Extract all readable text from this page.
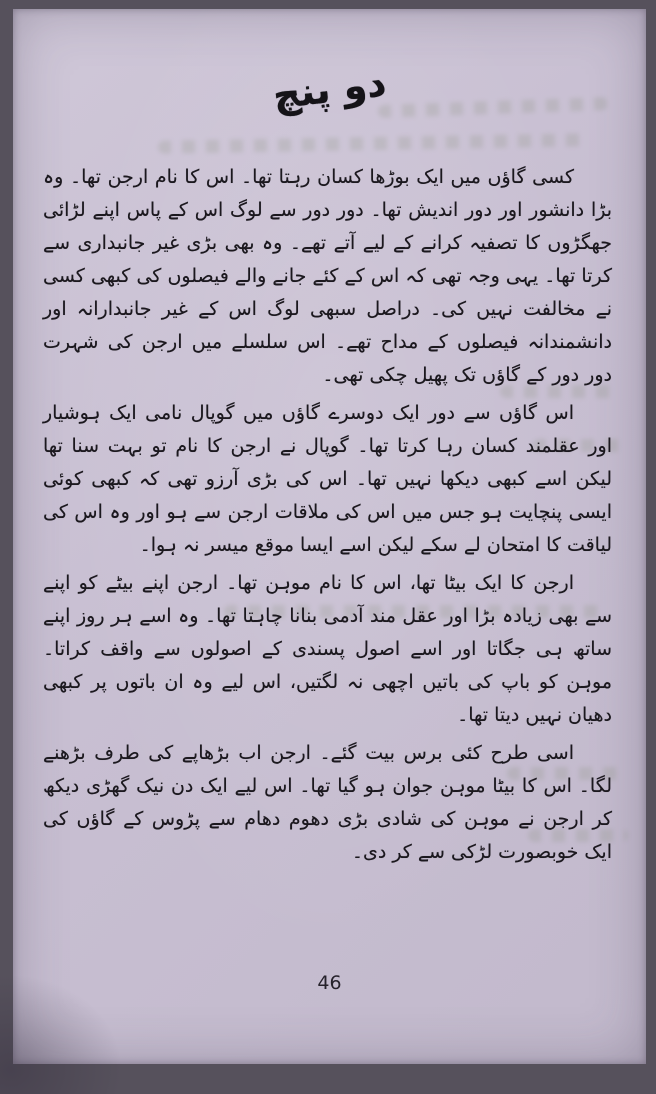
دو پنچ

کسی گاؤں میں ایک بوڑھا کسان رہتا تھا۔ اس کا نام ارجن تھا۔ وہ بڑا دانشور اور دور اندیش تھا۔ دور دور سے لوگ اس کے پاس اپنے لڑائی جھگڑوں کا تصفیہ کرانے کے لیے آتے تھے۔ وہ بھی بڑی غیر جانبداری سے کرتا تھا۔ یہی وجہ تھی کہ اس کے کئے جانے والے فیصلوں کی کبھی کسی نے مخالفت نہیں کی۔ دراصل سبھی لوگ اس کے غیر جانبدارانہ اور دانشمندانہ فیصلوں کے مداح تھے۔ اس سلسلے میں ارجن کی شہرت دور دور کے گاؤں تک پھیل چکی تھی۔

اس گاؤں سے دور ایک دوسرے گاؤں میں گوپال نامی ایک ہوشیار اور عقلمند کسان رہا کرتا تھا۔ گوپال نے ارجن کا نام تو بہت سنا تھا لیکن اسے کبھی دیکھا نہیں تھا۔ اس کی بڑی آرزو تھی کہ کبھی کوئی ایسی پنچایت ہو جس میں اس کی ملاقات ارجن سے ہو اور وہ اس کی لیاقت کا امتحان لے سکے لیکن اسے ایسا موقع میسر نہ ہوا۔

ارجن کا ایک بیٹا تھا، اس کا نام موہن تھا۔ ارجن اپنے بیٹے کو اپنے سے بھی زیادہ بڑا اور عقل مند آدمی بنانا چاہتا تھا۔ وہ اسے ہر روز اپنے ساتھ ہی جگاتا اور اسے اصول پسندی کے اصولوں سے واقف کراتا۔ موہن کو باپ کی باتیں اچھی نہ لگتیں، اس لیے وہ ان باتوں پر کبھی دھیان نہیں دیتا تھا۔

اسی طرح کئی برس بیت گئے۔ ارجن اب بڑھاپے کی طرف بڑھنے لگا۔ اس کا بیٹا موہن جوان ہو گیا تھا۔ اس لیے ایک دن نیک گھڑی دیکھ کر ارجن نے موہن کی شادی بڑی دھوم دھام سے پڑوس کے گاؤں کی ایک خوبصورت لڑکی سے کر دی۔

46
